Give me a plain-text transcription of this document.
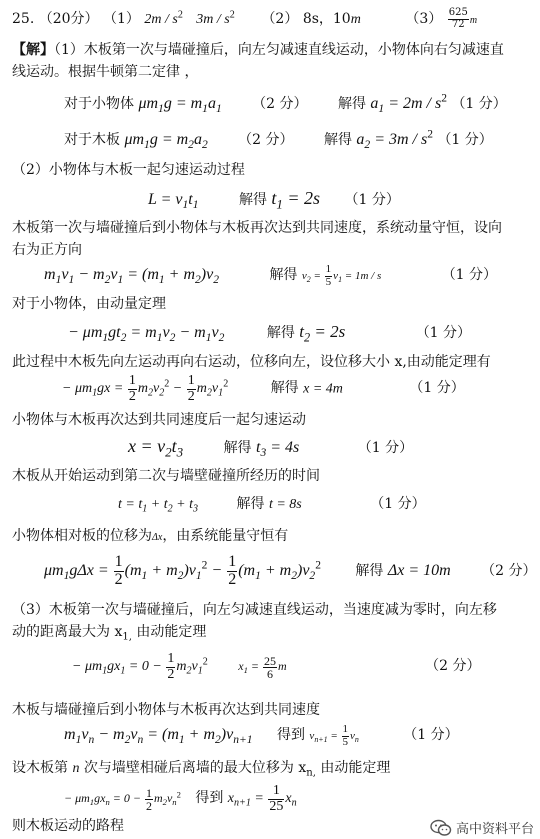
25. （20分） （1） $2m / s^2$ $3m / s^2$ （2） 8s，10m	$(3) \frac{625}{72}$ m
【解】（1）木板第一次与墙碰撞后，向左匀减速直线运动，小物体向右匀减速直
线运动。根据牛顿第二定律 ，
对于小物体 $\mu m_1g = m_1a_1$ （2 分） 解得 $a_1 = 2m / s^2$ （1 分）
对于木板 $\mu m_1g = m_2a_2$ （2 分） 解得 $a_2 = 3m / s^2$ （1 分）
（2）小物体与木板一起匀速运动过程
$L = v_1t_1$	解得 $t_1 = 2s$ （1 分）
木板第一次与墙碰撞后到小物体与木板再次达到共同速度，系统动量守恒，设向
右为正方向
$m_1v_1 - m_2v_1 = (m_1 + m_2)v_2$	解得 $v_2 = \frac{1}{5} v_1 = 1m / s$	（1 分）
对于小物体，由动量定理
− $\mu m_1gt_2 = m_1v_2 - m_1v_2$	解得 $t_2 = 2s$	（1 分）
此过程中木板先向左运动再向右运动，位移向左，设位移大小 x,由动能定理有
− $\mu m_1gx = \frac{1}{2} m_2v_2^2 - \frac{1}{2} m_2v_1^2$	解得 x = 4m	（1 分）
小物体与木板再次达到共同速度后一起匀速运动
$x = v_2t_3$	解得 $t_3 = 4s$	（1 分）
木板从开始运动到第二次与墙壁碰撞所经历的时间
$t = t_1 + t_2 + t_3$	解得 t = 8s	（1 分）
小物体相对板的位移为Δx，由系统能量守恒有
$\mu m_1g\Delta x = \frac{1}{2} (m_1 + m_2)v_1^2 - \frac{1}{2} (m_1 + m_2)v_2^2$ 解得 Δx = 10m （2 分）
（3）木板第一次与墙碰撞后，向左匀减速直线运动，当速度减为零时，向左移
动的距离最大为 $x_{1,}$ 由动能定理
− $\mu m_1gx_1 = 0 - \frac{1}{2} m_2v_1^2$	$x_1 = \frac{25}{6}$ m	（2 分）
木板与墙碰撞后到小物体与木板再次达到共同速度
$m_1v_n - m_2v_n = (m_1 + m_2)v_{n+1}$ 得到 $v_{n+1} = \frac{1}{5} v_n$	（1 分）
设木板第 n 次与墙壁相碰后离墙的最大位移为 $x_{n,}$ 由动能定理
− $\mu m_1gx_n = 0 - \frac{1}{2} m_2v_n^2$ 得到 $x_{n+1} = \frac{1}{25} x_n$
则木板运动的路程	高中资料平台
